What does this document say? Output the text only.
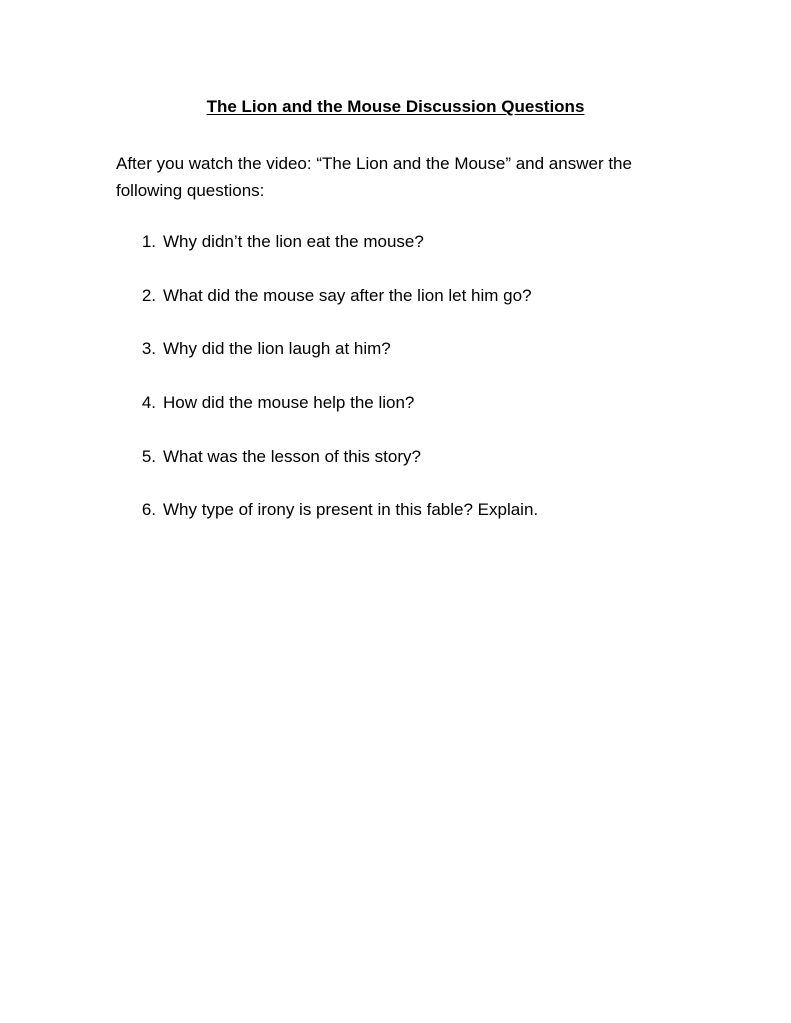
The Lion and the Mouse Discussion Questions

After you watch the video: “The Lion and the Mouse” and answer the following questions:

1. Why didn’t the lion eat the mouse?
2. What did the mouse say after the lion let him go?
3. Why did the lion laugh at him?
4. How did the mouse help the lion?
5. What was the lesson of this story?
6. Why type of irony is present in this fable? Explain.
